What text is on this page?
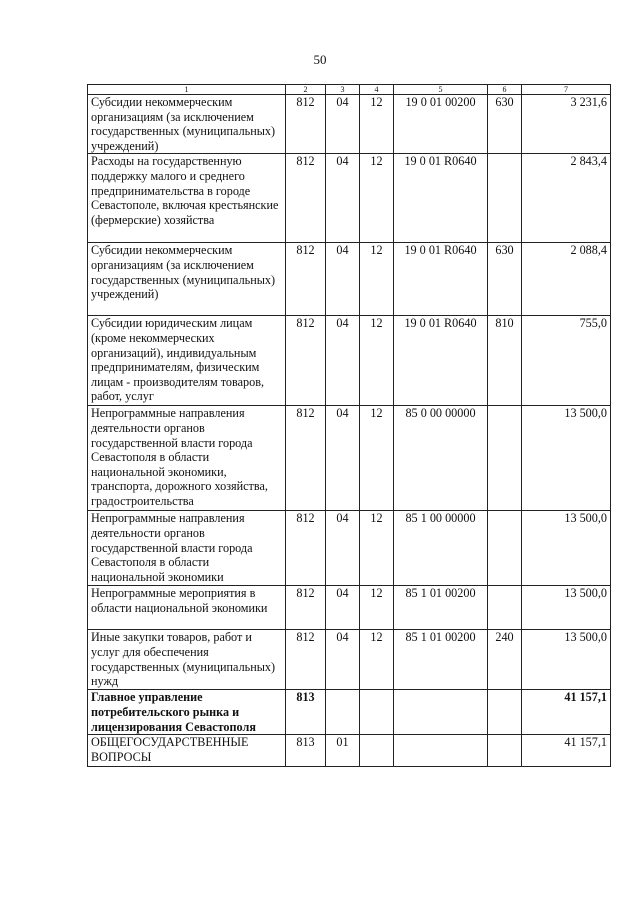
50
1	2	3	4	5	6	7
Субсидии некоммерческим организациям (за исключением государственных (муниципальных) учреждений)	812	04	12	19 0 01 00200	630	3 231,6
Расходы на государственную поддержку малого и среднего предпринимательства в городе Севастополе, включая крестьянские (фермерские) хозяйства	812	04	12	19 0 01 R0640		2 843,4
Субсидии некоммерческим организациям (за исключением государственных (муниципальных) учреждений)	812	04	12	19 0 01 R0640	630	2 088,4
Субсидии юридическим лицам (кроме некоммерческих организаций), индивидуальным предпринимателям, физическим лицам - производителям товаров, работ, услуг	812	04	12	19 0 01 R0640	810	755,0
Непрограммные направления деятельности органов государственной власти города Севастополя в области национальной экономики, транспорта, дорожного хозяйства, градостроительства	812	04	12	85 0 00 00000		13 500,0
Непрограммные направления деятельности органов государственной власти города Севастополя в области национальной экономики	812	04	12	85 1 00 00000		13 500,0
Непрограммные мероприятия в области национальной экономики	812	04	12	85 1 01 00200		13 500,0
Иные закупки товаров, работ и услуг для обеспечения государственных (муниципальных) нужд	812	04	12	85 1 01 00200	240	13 500,0
Главное управление потребительского рынка и лицензирования Севастополя	813					41 157,1
ОБЩЕГОСУДАРСТВЕННЫЕ ВОПРОСЫ	813	01				41 157,1
